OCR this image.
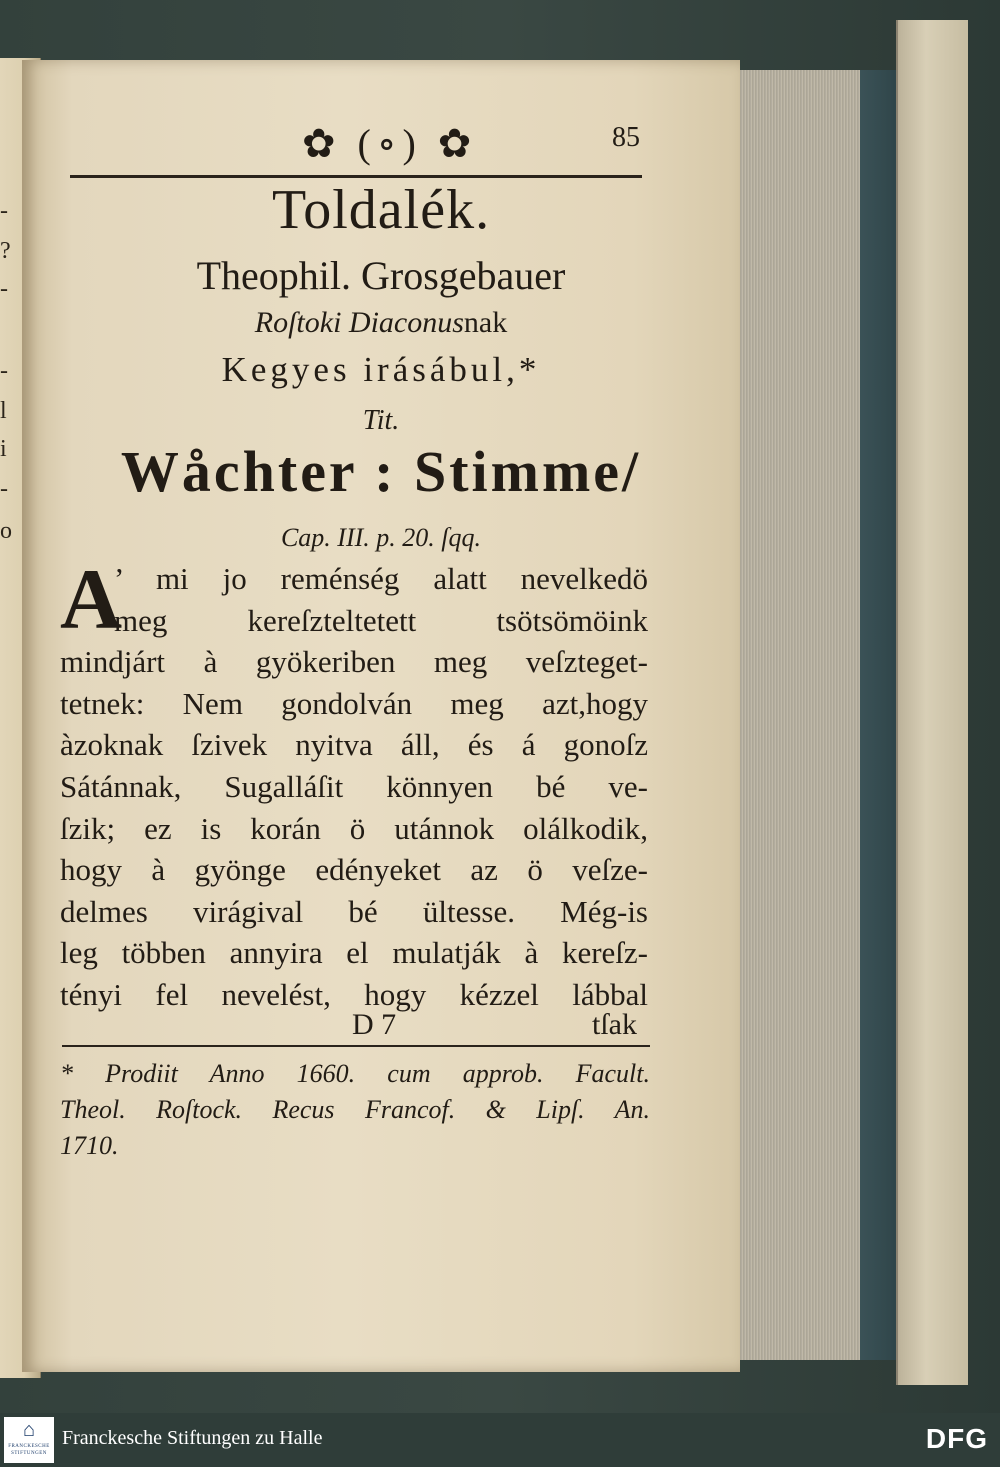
-
?
-
-
l
i
-
o
✿ (∘) ✿	85
Toldalék.
Theophil. Grosgebauer
Roſtoki Diaconusnak
Kegyes irásábul,*
Tit.
Wåchter : Stimme/
Cap. III. p. 20. ſqq.
A
’ mi jo reménség alatt nevelkedö
meg kereſzteltetett tsötsömöink
mindjárt à gyökeriben meg veſzteget-
tetnek: Nem gondolván meg azt,hogy
àzoknak ſzivek nyitva áll, és á gonoſz
Sátánnak, Sugalláſit könnyen bé ve-
ſzik; ez is korán ö utánnok olálkodik,
hogy à gyönge edényeket az ö veſze-
delmes virágival bé ültesse. Még-is
leg többen annyira el mulatják à kereſz-
tényi fel nevelést, hogy kézzel lábbal
D 7	tſak
* Prodiit Anno 1660. cum approb. Facult.
Theol. Roſtock. Recus Francof. & Lipſ. An.
1710.
⌂
FRANCKESCHE STIFTUNGEN
Franckesche Stiftungen zu Halle	DFG
